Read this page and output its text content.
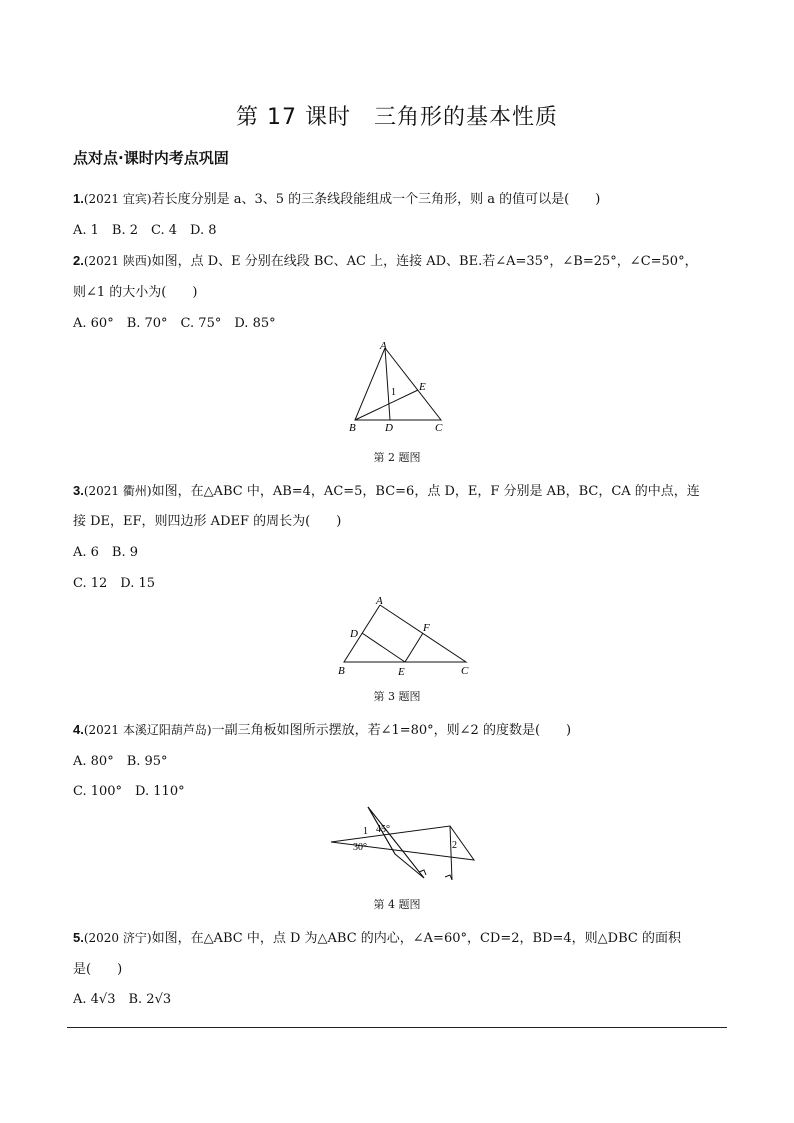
第 17 课时　三角形的基本性质
点对点·课时内考点巩固
1.(2021 宜宾)若长度分别是 a、3、5 的三条线段能组成一个三角形，则 a 的值可以是(　　)
A. 1　B. 2　C. 4　D. 8
2.(2021 陕西)如图，点 D、E 分别在线段 BC、AC 上，连接 AD、BE.若∠A=35°，∠B=25°，∠C=50°，
则∠1 的大小为(　　)
A. 60°　B. 70°　C. 75°　D. 85°
A
B	C
D
E
1
第 2 题图
3.(2021 衢州)如图，在△ABC 中，AB=4，AC=5，BC=6，点 D，E，F 分别是 AB，BC，CA 的中点，连
接 DE，EF，则四边形 ADEF 的周长为(　　)
A. 6　B. 9
C. 12　D. 15
A
B	C
D
E
F
第 3 题图
4.(2021 本溪辽阳葫芦岛)一副三角板如图所示摆放，若∠1=80°，则∠2 的度数是(　　)
A. 80°　B. 95°
C. 100°　D. 110°
1
2
45°
30°
第 4 题图
5.(2020 济宁)如图，在△ABC 中，点 D 为△ABC 的内心，∠A=60°，CD=2，BD=4，则△DBC 的面积
是(　　)
A. 4√3　B. 2√3
